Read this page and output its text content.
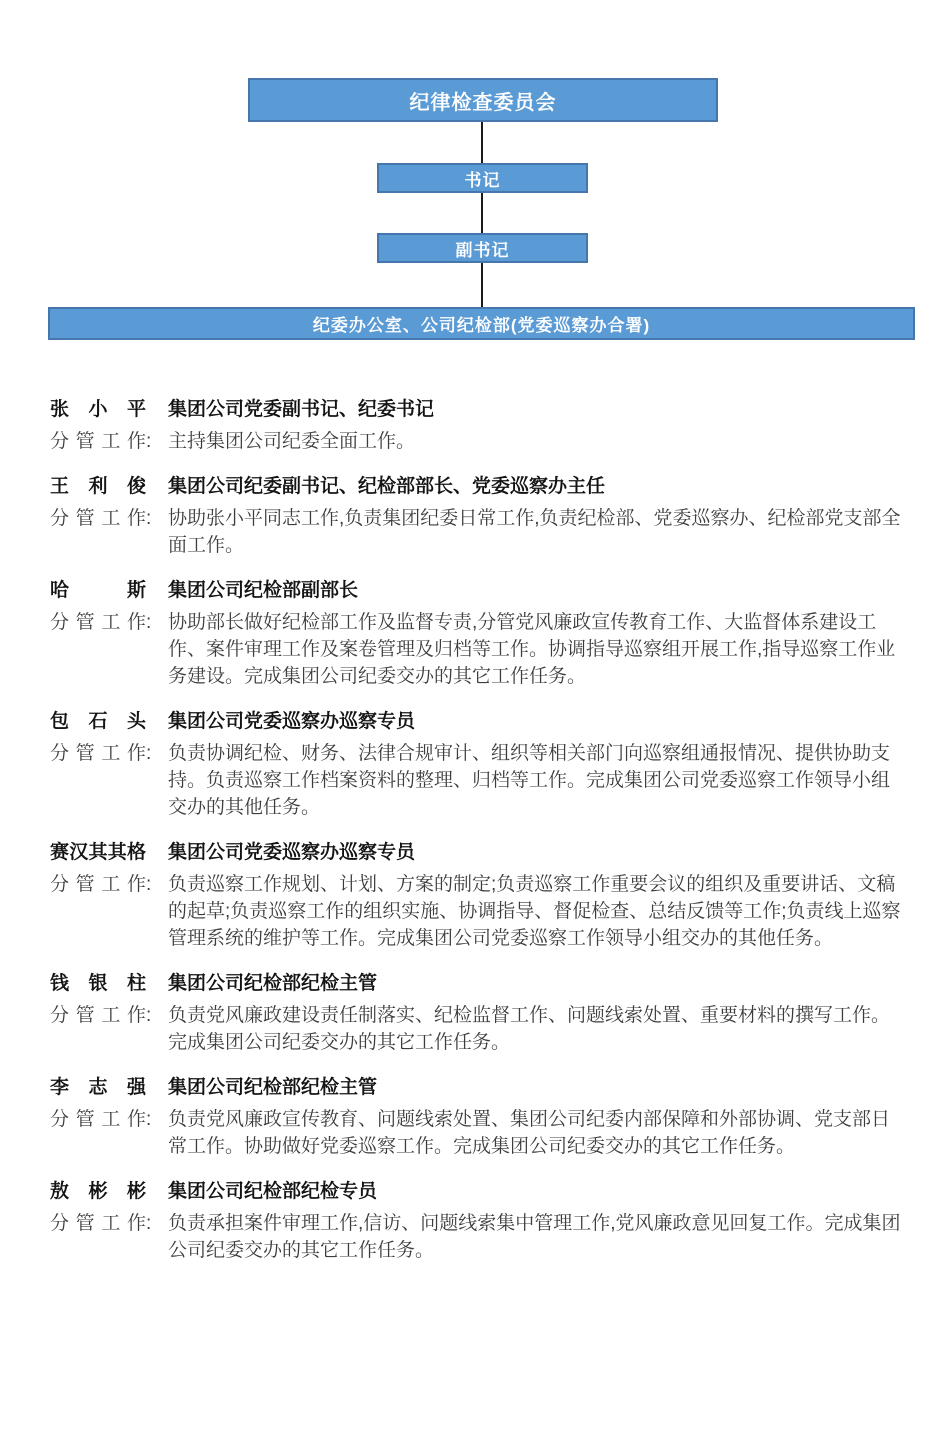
纪律检查委员会
书记
副书记
纪委办公室、公司纪检部(党委巡察办合署)
张小平	集团公司党委副书记、纪委书记
分管工作: 主持集团公司纪委全面工作。
王利俊	集团公司纪委副书记、纪检部部长、党委巡察办主任
分管工作: 协助张小平同志工作,负责集团纪委日常工作,负责纪检部、党委巡察办、纪检部党支部全面工作。
哈斯	集团公司纪检部副部长
分管工作: 协助部长做好纪检部工作及监督专责,分管党风廉政宣传教育工作、大监督体系建设工作、案件审理工作及案卷管理及归档等工作。协调指导巡察组开展工作,指导巡察工作业务建设。完成集团公司纪委交办的其它工作任务。
包石头	集团公司党委巡察办巡察专员
分管工作: 负责协调纪检、财务、法律合规审计、组织等相关部门向巡察组通报情况、提供协助支持。负责巡察工作档案资料的整理、归档等工作。完成集团公司党委巡察工作领导小组交办的其他任务。
赛汉其其格	集团公司党委巡察办巡察专员
分管工作: 负责巡察工作规划、计划、方案的制定;负责巡察工作重要会议的组织及重要讲话、文稿的起草;负责巡察工作的组织实施、协调指导、督促检查、总结反馈等工作;负责线上巡察管理系统的维护等工作。完成集团公司党委巡察工作领导小组交办的其他任务。
钱银柱	集团公司纪检部纪检主管
分管工作: 负责党风廉政建设责任制落实、纪检监督工作、问题线索处置、重要材料的撰写工作。完成集团公司纪委交办的其它工作任务。
李志强	集团公司纪检部纪检主管
分管工作: 负责党风廉政宣传教育、问题线索处置、集团公司纪委内部保障和外部协调、党支部日常工作。协助做好党委巡察工作。完成集团公司纪委交办的其它工作任务。
敖彬彬	集团公司纪检部纪检专员
分管工作: 负责承担案件审理工作,信访、问题线索集中管理工作,党风廉政意见回复工作。完成集团公司纪委交办的其它工作任务。
